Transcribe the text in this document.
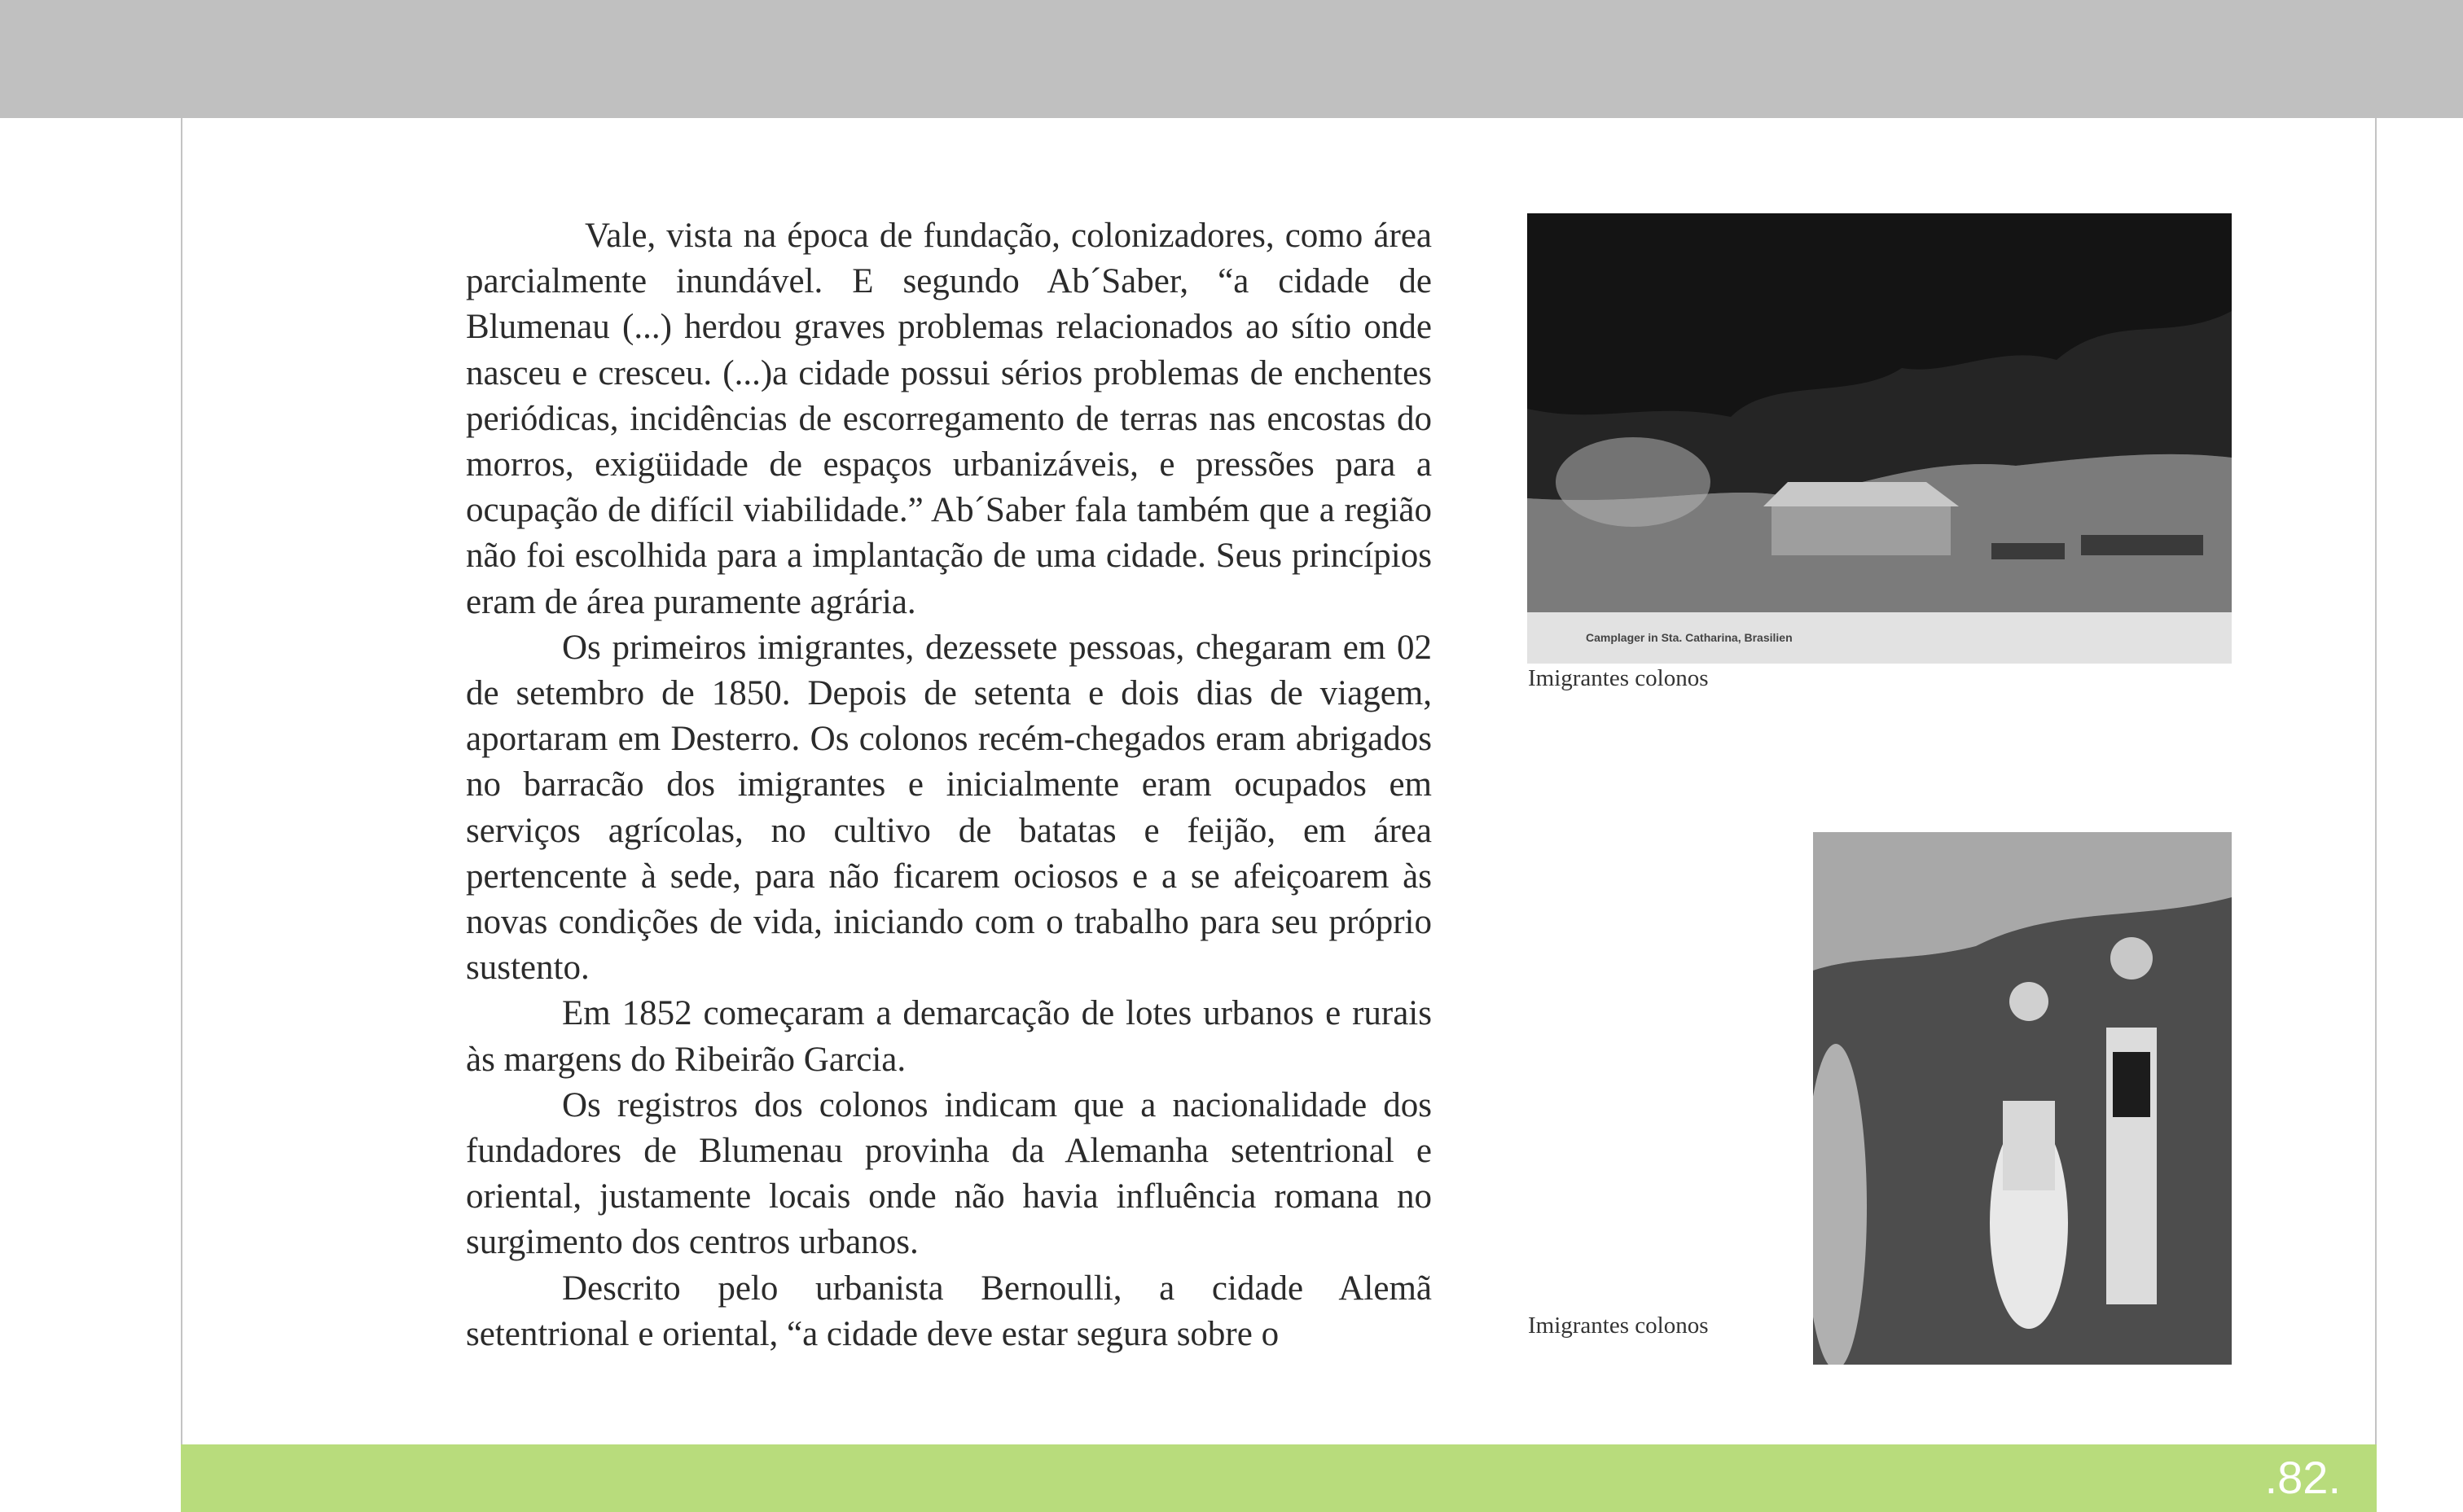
Vale, vista na época de fundação, colonizadores, como área parcialmente inundável. E segundo Ab´Saber, “a cidade de Blumenau (...) herdou graves problemas relacionados ao sítio onde nasceu e cresceu. (...)a cidade possui sérios problemas de enchentes periódicas, incidências de escorregamento de terras nas encostas do morros, exigüidade de espaços urbanizáveis, e pressões para a ocupação de difícil viabilidade.” Ab´Saber fala também que a região não foi escolhida para a implantação de uma cidade. Seus princípios eram de área puramente agrária.

Os primeiros imigrantes, dezessete pessoas, chegaram em 02 de setembro de 1850. Depois de setenta e dois dias de viagem, aportaram em Desterro. Os colonos recém-chegados eram abrigados no barracão dos imigrantes e inicialmente eram ocupados em serviços agrícolas, no cultivo de batatas e feijão, em área pertencente à sede, para não ficarem ociosos e a se afeiçoarem às novas condições de vida, iniciando com o trabalho para seu próprio sustento.

Em 1852 começaram a demarcação de lotes urbanos e rurais às margens do Ribeirão Garcia.

Os registros dos colonos indicam que a nacionalidade dos fundadores de Blumenau provinha da Alemanha setentrional e oriental, justamente locais onde não havia influência romana no surgimento dos centros urbanos.

Descrito pelo urbanista Bernoulli, a cidade Alemã setentrional e oriental, “a cidade deve estar segura sobre o

Camplager in Sta. Catharina, Brasilien
Imigrantes colonos
Imigrantes colonos
.82.
